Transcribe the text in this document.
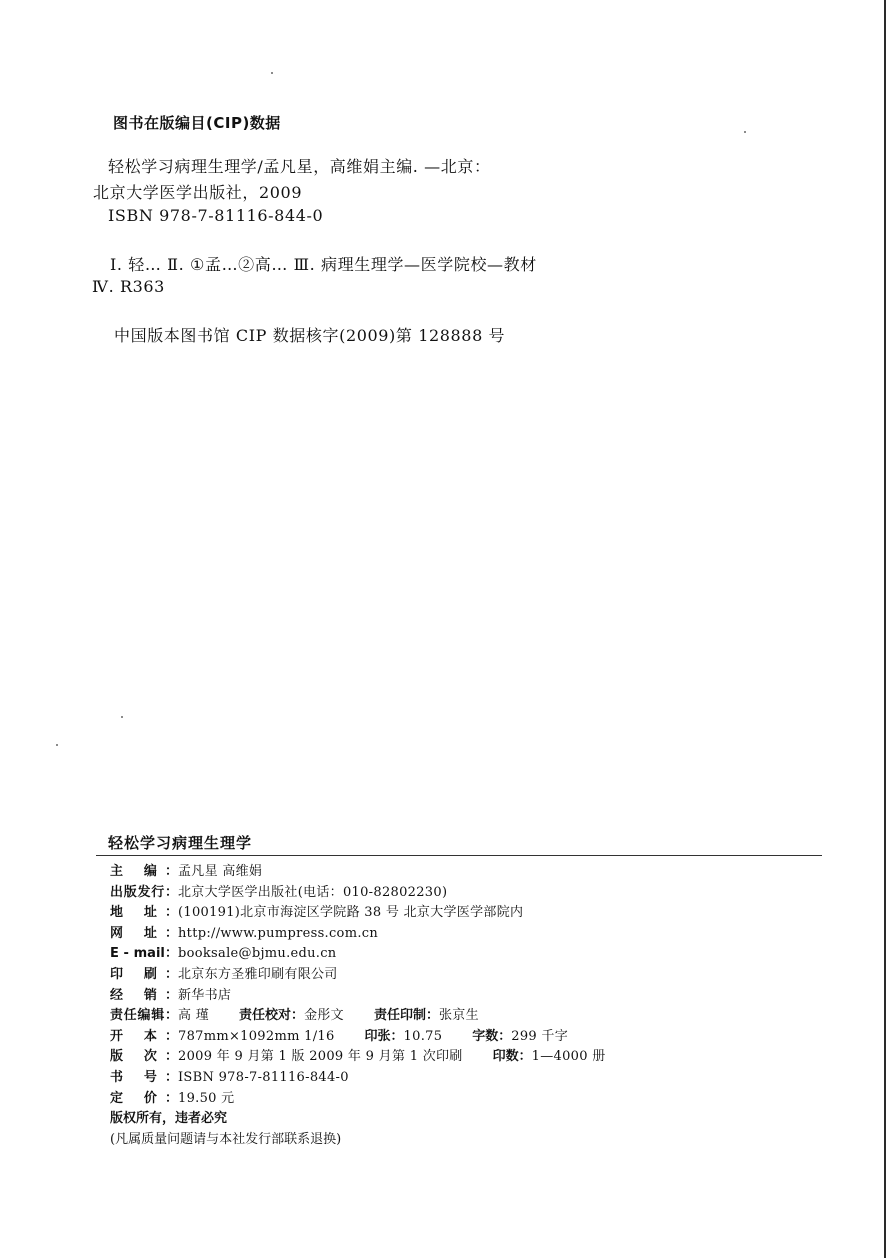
图书在版编目(CIP)数据
轻松学习病理生理学/孟凡星，高维娟主编. —北京：
北京大学医学出版社，2009
ISBN 978-7-81116-844-0
Ⅰ. 轻… Ⅱ. ①孟…②高… Ⅲ. 病理生理学—医学院校—教材
Ⅳ. R363
中国版本图书馆 CIP 数据核字(2009)第 128888 号
轻松学习病理生理学
主 编： 孟凡星 高维娟
出版发行： 北京大学医学出版社(电话：010-82802230)
地 址： (100191)北京市海淀区学院路 38 号 北京大学医学部院内
网 址： http://www.pumpress.com.cn
E - mail： booksale@bjmu.edu.cn
印 刷： 北京东方圣雅印刷有限公司
经 销： 新华书店
责任编辑： 高 瑾 责任校对： 金彤文 责任印制： 张京生
开 本： 787mm×1092mm 1/16 印张： 10.75 字数： 299 千字
版 次： 2009 年 9 月第 1 版 2009 年 9 月第 1 次印刷 印数： 1—4000 册
书 号： ISBN 978-7-81116-844-0
定 价： 19.50 元
版权所有，违者必究
(凡属质量问题请与本社发行部联系退换)
